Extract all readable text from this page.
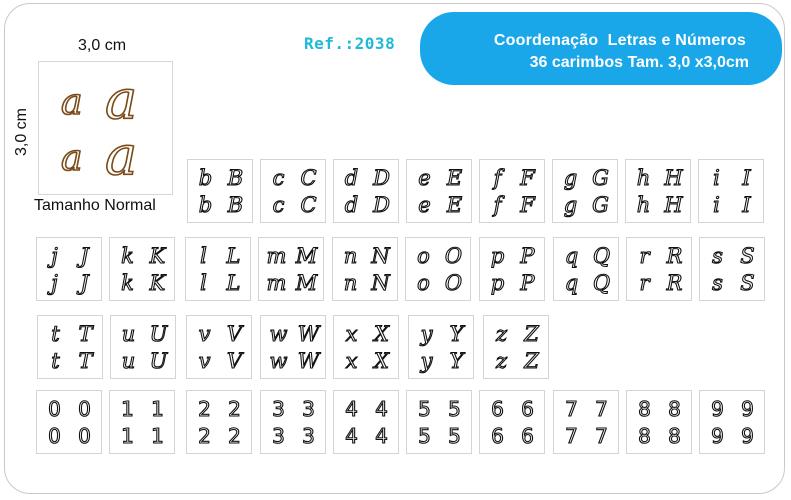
Coordenação  Letras e Números
36 carimbos Tam. 3,0 x3,0cm
Ref.:2038
3,0 cm
3,0 cm
a a
a a
Tamanho Normal
b B
b B
c C
c C
d D
d D
e E
e E
f F
f F
g G
g G
h H
h H
i	I
i	I
j	J
j	J
k K
k K
l L
l L
m M
m M
n N
n N
o O
o O
p P
p P
q Q
q Q
r R
r R
s S
s S
t T
t T
u U
u U
v V
v V
w W
w W
x X
x X
y Y
y Y
z Z
z Z
0 0
0 0
1 1
1 1
2 2
2 2
3 3
3 3
4 4
4 4
5 5
5 5
6 6
6 6
7 7
7 7
8 8
8 8
9 9
9 9
